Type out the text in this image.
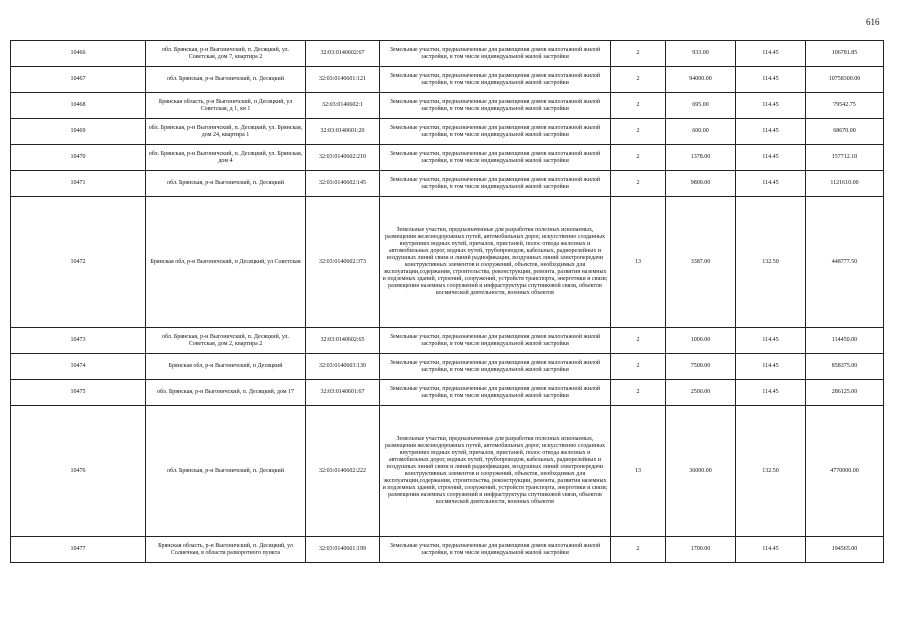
616
10466	обл. Брянская, р-н Выгоничский, п. Десяцкий, ул. Советская, дом 7, квартира 2	32:03:0140602:67	Земельные участки, предназначенные для размещения домов малоэтажной жилой застройки, в том числе индивидуальной жилой застройки	2	933.00	114.45	106781.85
10467	обл. Брянская, р-н Выгоничский, п. Десяцкий	32:03:0140601:121	Земельные участки, предназначенные для размещения домов малоэтажной жилой застройки, в том числе индивидуальной жилой застройки	2	94000.00	114.45	10758300.00
10468	Брянская область, р-н Выгоничский, п Десяцкий, ул Советская, д 1, кв 1	32:03:0140602:1	Земельные участки, предназначенные для размещения домов малоэтажной жилой застройки, в том числе индивидуальной жилой застройки	2	695.00	114.45	79542.75
10469	обл. Брянская, р-н Выгоничский, п. Десяцкий, ул. Брянская, дом 24, квартира 1	32:03:0140601:20	Земельные участки, предназначенные для размещения домов малоэтажной жилой застройки, в том числе индивидуальной жилой застройки	2	600.00	114.45	68670.00
10470	обл. Брянская, р-н Выгоничский, п. Десяцкий, ул. Брянская, дом 4	32:03:0140602:210	Земельные участки, предназначенные для размещения домов малоэтажной жилой застройки, в том числе индивидуальной жилой застройки	2	1378.00	114.45	157712.10
10471	обл. Брянская, р-н Выгоничский, п. Десяцкий	32:03:0140602:145	Земельные участки, предназначенные для размещения домов малоэтажной жилой застройки, в том числе индивидуальной жилой застройки	2	9800.00	114.45	1121610.00
10472	Брянская обл, р-н Выгоничский, п Десяцкий, ул Советская	32:03:0140602:373	Земельные участки, предназначенные для разработки полезных ископаемых, размещения железнодорожных путей, автомобильных дорог, искусственно созданных внутренних водных путей, причалов, пристаней, полос отвода железных и автомобильных дорог, водных путей, трубопроводов, кабельных, радиорелейных и воздушных линий связи и линий радиофикации, воздушных линий электропередачи конструктивных элементов и сооружений, объектов, необходимых для эксплуатации,содержания, строительства, реконструкции, ремонта, развития наземных и подземных зданий, строений, сооружений, устройств транспорта, энергетики и связи; размещения наземных сооружений и инфраструктуры спутниковой связи, объектов космической деятельности, военных объектов	13	3387.00	132.50	448777.50
10473	обл. Брянская, р-н Выгоничский, п. Десяцкий, ул. Советская, дом 2, квартира 2	32:03:0140602:65	Земельные участки, предназначенные для размещения домов малоэтажной жилой застройки, в том числе индивидуальной жилой застройки	2	1000.00	114.45	114450.00
10474	Брянская обл, р-н Выгоничский, п Десяцкий	32:03:0140603:130	Земельные участки, предназначенные для размещения домов малоэтажной жилой застройки, в том числе индивидуальной жилой застройки	2	7500.00	114.45	858375.00
10475	обл. Брянская, р-н Выгоничский, п. Десяцкий, дом 17	32:03:0140601:67	Земельные участки, предназначенные для размещения домов малоэтажной жилой застройки, в том числе индивидуальной жилой застройки	2	2500.00	114.45	286125.00
10476	обл. Брянская, р-н Выгоничский, п. Десяцкий	32:03:0140602:222	Земельные участки, предназначенные для разработки полезных ископаемых, размещения железнодорожных путей, автомобильных дорог, искусственно созданных внутренних водных путей, причалов, пристаней, полос отвода железных и автомобильных дорог, водных путей, трубопроводов, кабельных, радиорелейных и воздушных линий связи и линий радиофикации, воздушных линий электропередачи конструктивных элементов и сооружений, объектов, необходимых для эксплуатации,содержания, строительства, реконструкции, ремонта, развития наземных и подземных зданий, строений, сооружений, устройств транспорта, энергетики и связи; размещения наземных сооружений и инфраструктуры спутниковой связи, объектов космической деятельности, военных объектов	13	36000.00	132.50	4770000.00
10477	Брянская область, р-н Выгоничский, п. Десяцкий, ул Солнечная, в области разворотного пункта	32:03:0140601:199	Земельные участки, предназначенные для размещения домов малоэтажной жилой застройки, в том числе индивидуальной жилой застройки	2	1700.00	114.45	194565.00
